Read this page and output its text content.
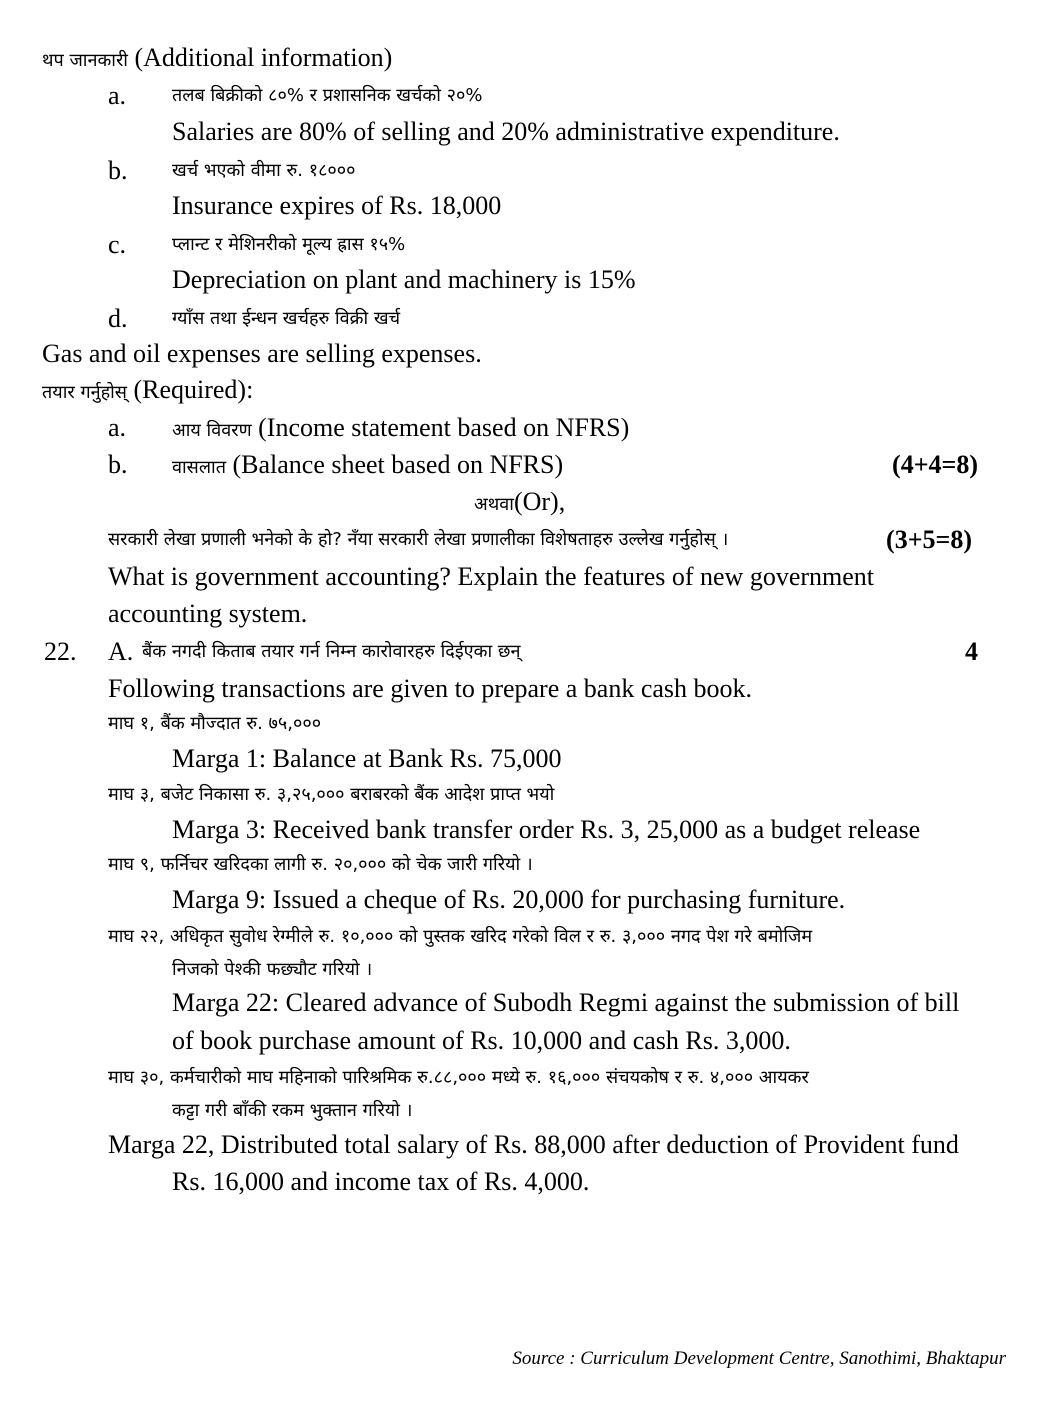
थप जानकारी (Additional information)
a.	तलब बिक्रीको ८०% र प्रशासनिक खर्चको २०%
Salaries are 80% of selling and 20% administrative expenditure.
b. खर्च भएको वीमा रु. १८०००
Insurance expires of Rs. 18,000
c.	प्लान्ट र मेशिनरीको मूल्य ह्रास १५%
Depreciation on plant and machinery is 15%
d. ग्याँस तथा ईन्धन खर्चहरु विक्री खर्च
Gas and oil expenses are selling expenses.
तयार गर्नुहोस् (Required):
a.	आय विवरण (Income statement based on NFRS)
b. वासलात (Balance sheet based on NFRS)	(4+4=8)
अथवा(Or),
सरकारी लेखा प्रणाली भनेको के हो? नँया सरकारी लेखा प्रणालीका विशेषताहरु उल्लेख गर्नुहोस् ।	(3+5=8)
What is government accounting? Explain the features of new government
accounting system.
22. A. बैंक नगदी किताब तयार गर्न निम्न कारोवारहरु दिईएका छन्	4
Following transactions are given to prepare a bank cash book.
माघ १, बैंक मौज्दात रु. ७५,०००
Marga 1: Balance at Bank Rs. 75,000
माघ ३, बजेट निकासा रु. ३,२५,००० बराबरको बैंक आदेश प्राप्त भयो
Marga 3: Received bank transfer order Rs. 3, 25,000 as a budget release
माघ ९, फर्निचर खरिदका लागी रु. २०,००० को चेक जारी गरियो ।
Marga 9: Issued a cheque of Rs. 20,000 for purchasing furniture.
माघ २२, अधिकृत सुवोध रेग्मीले रु. १०,००० को पुस्तक खरिद गरेको विल र रु. ३,००० नगद पेश गरे बमोजिम
निजको पेश्की फछ्यौट गरियो ।
Marga 22: Cleared advance of Subodh Regmi against the submission of bill
of book purchase amount of Rs. 10,000 and cash Rs. 3,000.
माघ ३०, कर्मचारीको माघ महिनाको पारिश्रमिक रु.८८,००० मध्ये रु. १६,००० संचयकोष र रु. ४,००० आयकर
कट्टा गरी बाँकी रकम भुक्तान गरियो ।
Marga 22, Distributed total salary of Rs. 88,000 after deduction of Provident fund
Rs. 16,000 and income tax of Rs. 4,000.
Source : Curriculum Development Centre, Sanothimi, Bhaktapur
